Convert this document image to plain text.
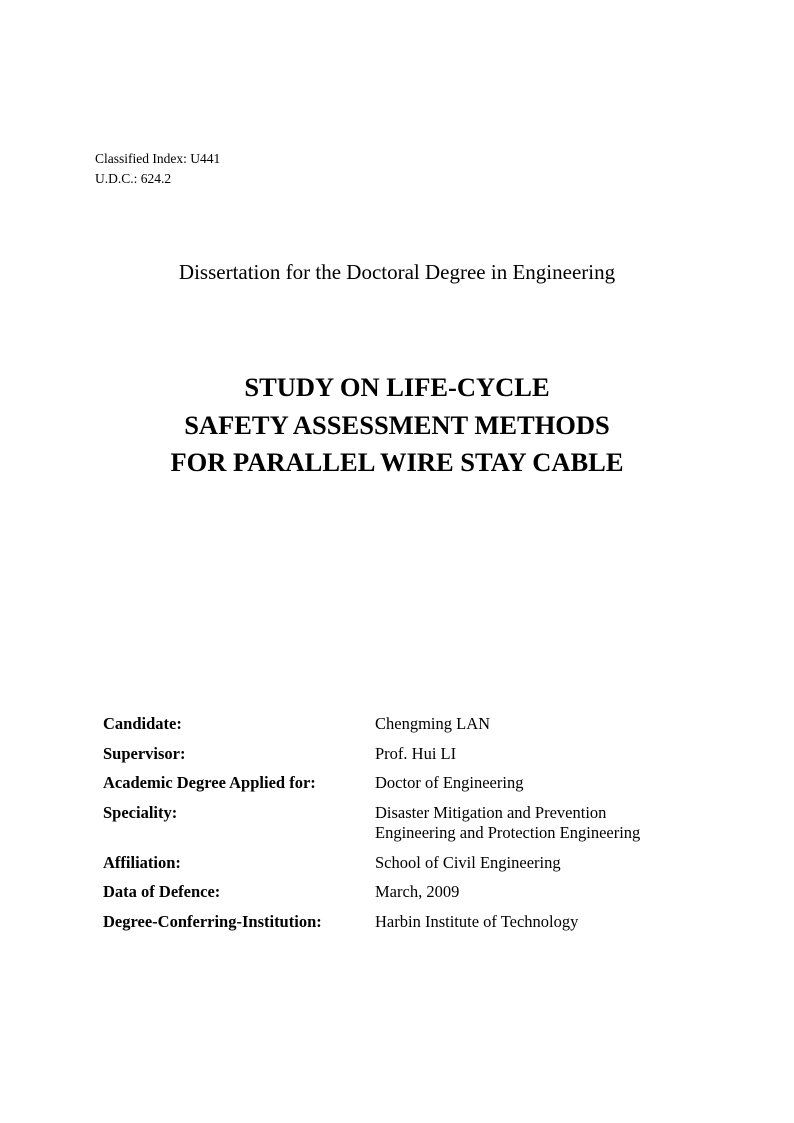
Classified Index: U441
U.D.C.: 624.2
Dissertation for the Doctoral Degree in Engineering
STUDY ON LIFE-CYCLE
SAFETY ASSESSMENT METHODS
FOR PARALLEL WIRE STAY CABLE
Candidate:	Chengming LAN
Supervisor:	Prof. Hui LI
Academic Degree Applied for:	Doctor of Engineering
Speciality:	Disaster Mitigation and Prevention
Engineering and Protection Engineering
Affiliation:	School of Civil Engineering
Data of Defence:	March, 2009
Degree-Conferring-Institution:	Harbin Institute of Technology
